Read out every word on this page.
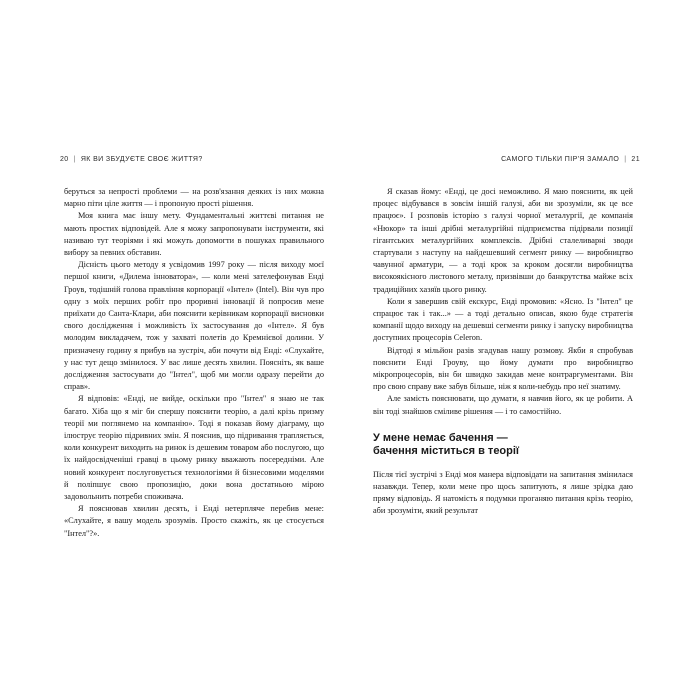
20 | ЯК ВИ ЗБУДУЄТЕ СВОЄ ЖИТТЯ?

беруться за непрості проблеми — на розв'язання деяких із них можна марно піти ціле життя — і пропоную прості рішення.

Моя книга має іншу мету. Фундаментальні життєві питання не мають простих відповідей. Але я можу запропонувати інструменти, які називаю тут теоріями і які можуть допомогти в пошуках правильного вибору за певних обставин.

Дісність цього методу я усвідомив 1997 року — після виходу моєї першої книги, «Дилема інноватора», — коли мені зателефонував Енді Гроув, тодішній голова правління корпорації «Інтел» (Intel). Він чув про одну з моїх перших робіт про проривні інновації й попросив мене приїхати до Санта-Клари, аби пояснити керівникам корпорації висновки свого дослідження і можливість їх застосування до «Інтел». Я був молодим викладачем, тож у захваті полетів до Кремнієвої долини. У призначену годину я прибув на зустріч, аби почути від Енді: «Слухайте, у нас тут дещо змінилося. У вас лише десять хвилин. Поясніть, як ваше дослідження застосувати до "Інтел", щоб ми могли одразу перейти до справ».

Я відповів: «Енді, не вийде, оскільки про "Інтел" я знаю не так багато. Хіба що я міг би спершу пояснити теорію, а далі крізь призму теорії ми поглянемо на компанію». Тоді я показав йому діаграму, що ілюструє теорію підривних змін. Я пояснив, що підривання трапляється, коли конкурент виходить на ринок із дешевим товаром або послугою, що їх найдосвідченіші гравці в цьому ринку вважають посередніми. Але новий конкурент послуговується технологіями й бізнесовими моделями й поліпшує свою пропозицію, доки вона достатньою мірою задовольнить потреби споживача.

Я пояснював хвилин десять, і Енді нетерпляче перебив мене: «Слухайте, я вашу модель зрозумів. Просто скажіть, як це стосується "Інтел"?».

САМОГО ТІЛЬКИ ПІР'Я ЗАМАЛО | 21

Я сказав йому: «Енді, це досі неможливо. Я маю пояснити, як цей процес відбувався в зовсім іншій галузі, аби ви зрозуміли, як це все працює». І розповів історію з галузі чорної металургії, де компанія «Нюкор» та інші дрібні металургійні підприємства підірвали позиції гігантських металургійних комплексів. Дрібні сталеливарні зводи стартували з наступу на найдешевший сегмент ринку — виробництво чавунної арматури, — а тоді крок за кроком досягли виробництва високоякісного листового металу, призвівши до банкрутства майже всіх традиційних хазяїв цього ринку.

Коли я завершив свій екскурс, Енді промовив: «Ясно. Із "Інтел" це спрацює так і так...» — а тоді детально описав, якою буде стратегія компанії щодо виходу на дешевші сегменти ринку і запуску виробництва доступних процесорів Celeron.

Відтоді я мільйон разів згадував нашу розмову. Якби я спробував пояснити Енді Гроуву, що йому думати про виробництво мікропроцесорів, він би швидко закидав мене контраргументами. Він про свою справу вже забув більше, ніж я коли-небудь про неї знатиму.

Але замість пояснювати, що думати, я навчив його, як це робити. А він тоді знайшов сміливе рішення — і то самостійно.

У мене немає бачення —
бачення міститься в теорії

Після тієї зустрічі з Енді моя манера відповідати на запитання змінилася назавжди. Тепер, коли мене про щось запитують, я лише зрідка даю пряму відповідь. Я натомість я подумки проганяю питання крізь теорію, аби зрозуміти, який результат
